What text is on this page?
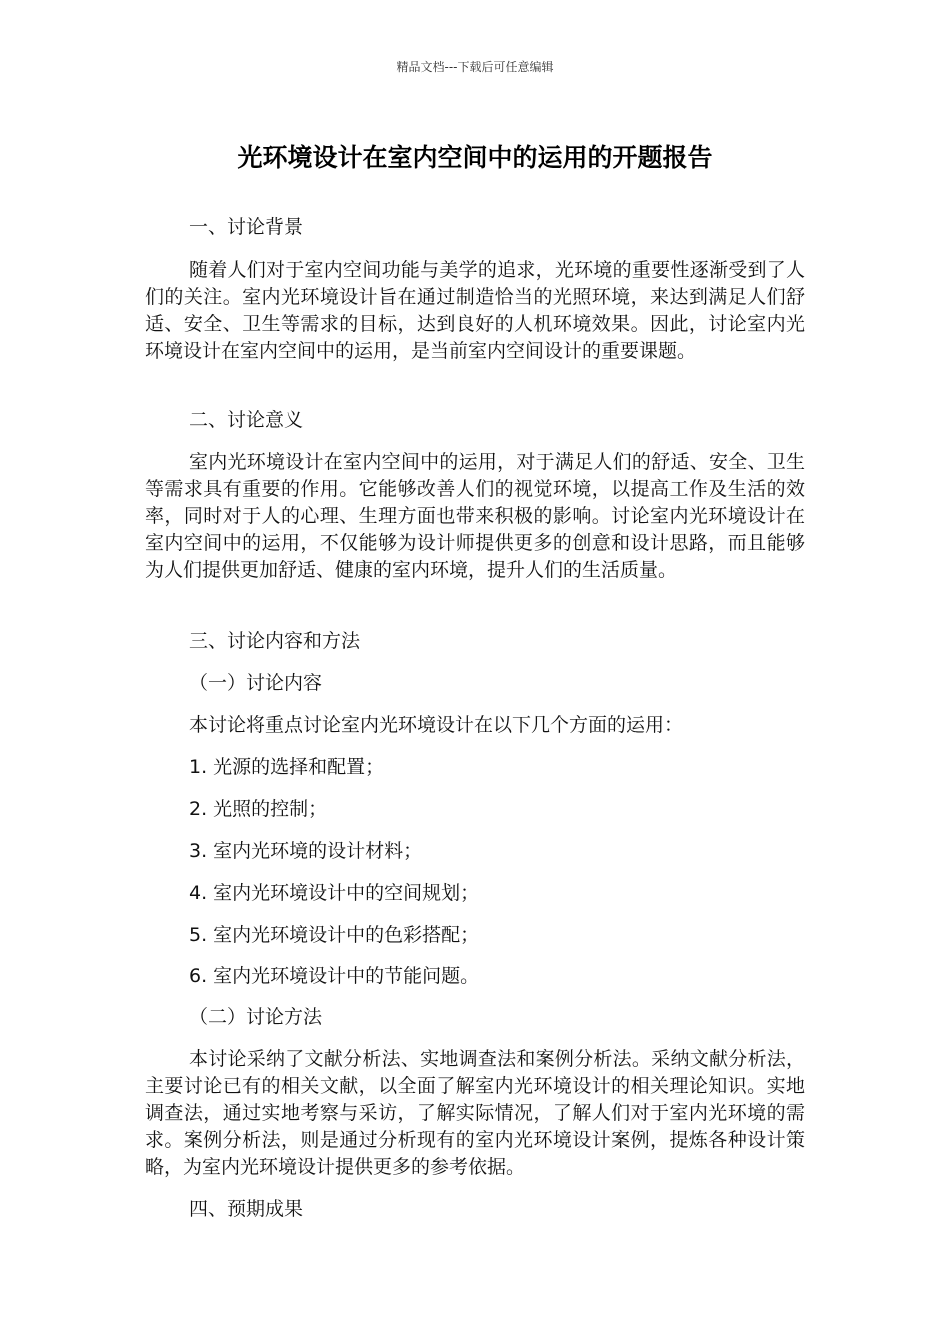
精品文档---下载后可任意编辑
光环境设计在室内空间中的运用的开题报告
一、讨论背景

随着人们对于室内空间功能与美学的追求，光环境的重要性逐渐受到了人们的关注。室内光环境设计旨在通过制造恰当的光照环境，来达到满足人们舒适、安全、卫生等需求的目标，达到良好的人机环境效果。因此，讨论室内光环境设计在室内空间中的运用，是当前室内空间设计的重要课题。

二、讨论意义

室内光环境设计在室内空间中的运用，对于满足人们的舒适、安全、卫生等需求具有重要的作用。它能够改善人们的视觉环境，以提高工作及生活的效率，同时对于人的心理、生理方面也带来积极的影响。讨论室内光环境设计在室内空间中的运用，不仅能够为设计师提供更多的创意和设计思路，而且能够为人们提供更加舒适、健康的室内环境，提升人们的生活质量。

三、讨论内容和方法
（一）讨论内容
本讨论将重点讨论室内光环境设计在以下几个方面的运用：
1. 光源的选择和配置；
2. 光照的控制；
3. 室内光环境的设计材料；
4. 室内光环境设计中的空间规划；
5. 室内光环境设计中的色彩搭配；
6. 室内光环境设计中的节能问题。
（二）讨论方法

本讨论采纳了文献分析法、实地调查法和案例分析法。采纳文献分析法，主要讨论已有的相关文献，以全面了解室内光环境设计的相关理论知识。实地调查法，通过实地考察与采访，了解实际情况，了解人们对于室内光环境的需求。案例分析法，则是通过分析现有的室内光环境设计案例，提炼各种设计策略，为室内光环境设计提供更多的参考依据。

四、预期成果
